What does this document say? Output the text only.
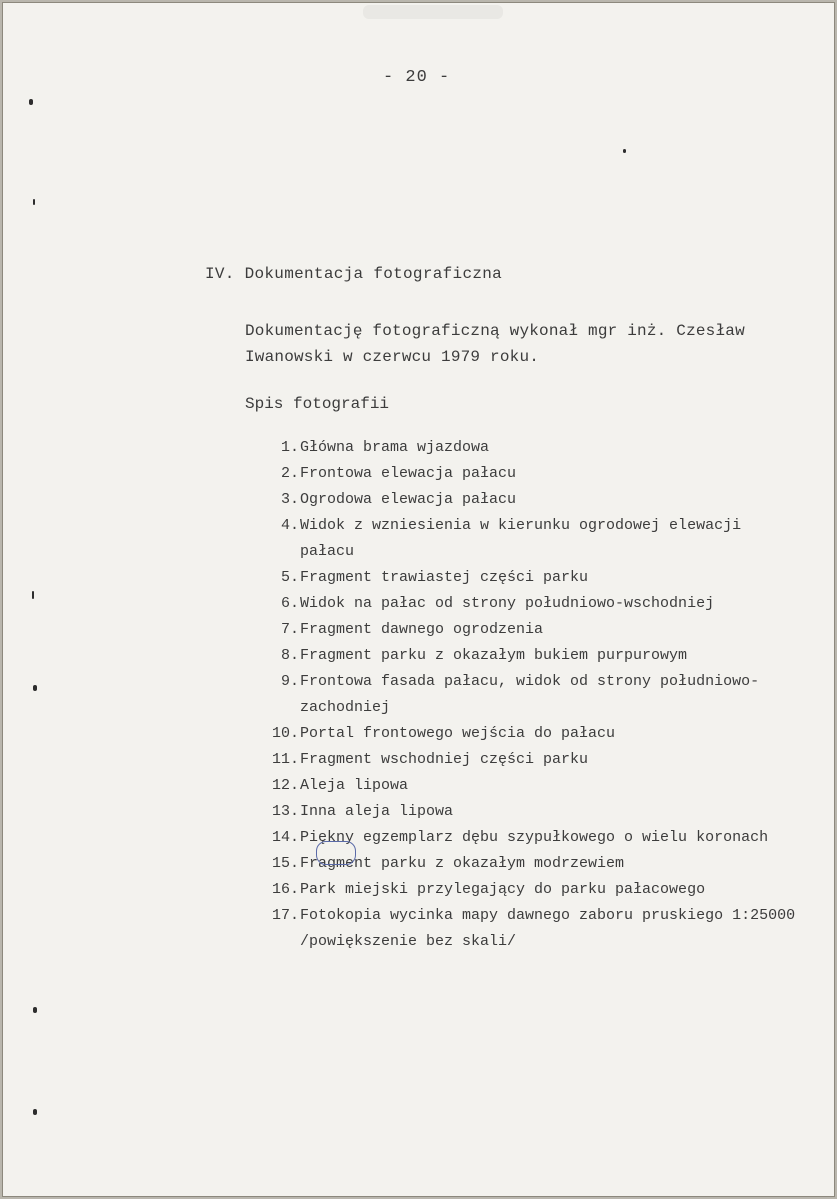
- 20 -
IV. Dokumentacja fotograficzna
Dokumentację fotograficzną wykonał mgr inż. Czesław
Iwanowski w czerwcu 1979 roku.
Spis fotografii
1. Główna brama wjazdowa
2. Frontowa elewacja pałacu
3. Ogrodowa elewacja pałacu
4. Widok z wzniesienia w kierunku ogrodowej elewacji pałacu
5. Fragment trawiastej części parku
6. Widok na pałac od strony południowo-wschodniej
7. Fragment dawnego ogrodzenia
8. Fragment parku z okazałym bukiem purpurowym
9. Frontowa fasada pałacu, widok od strony południowo-zachodniej
10. Portal frontowego wejścia do pałacu
11. Fragment wschodniej części parku
12. Aleja lipowa
13. Inna aleja lipowa
14. Piękny egzemplarz dębu szypułkowego o wielu koronach
15. Fragment parku z okazałym modrzewiem
16. Park miejski przylegający do parku pałacowego
17. Fotokopia wycinka mapy dawnego zaboru pruskiego 1:25000 /powiększenie bez skali/
